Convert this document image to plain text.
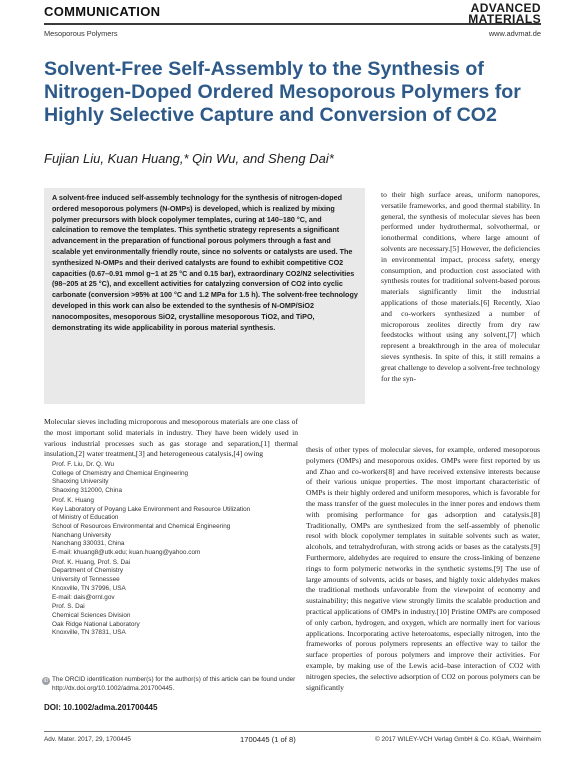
COMMUNICATION
Mesoporous Polymers
ADVANCED
MATERIALS
www.advmat.de
Solvent-Free Self-Assembly to the Synthesis of Nitrogen-Doped Ordered Mesoporous Polymers for Highly Selective Capture and Conversion of CO2
Fujian Liu, Kuan Huang,* Qin Wu, and Sheng Dai*
A solvent-free induced self-assembly technology for the synthesis of nitrogen-doped ordered mesoporous polymers (N-OMPs) is developed, which is realized by mixing polymer precursors with block copolymer templates, curing at 140–180 °C, and calcination to remove the templates. This synthetic strategy represents a significant advancement in the preparation of functional porous polymers through a fast and scalable yet environmentally friendly route, since no solvents or catalysts are used. The synthesized N-OMPs and their derived catalysts are found to exhibit competitive CO2 capacities (0.67–0.91 mmol g−1 at 25 °C and 0.15 bar), extraordinary CO2/N2 selectivities (98–205 at 25 °C), and excellent activities for catalyzing conversion of CO2 into cyclic carbonate (conversion >95% at 100 °C and 1.2 MPa for 1.5 h). The solvent-free technology developed in this work can also be extended to the synthesis of N-OMP/SiO2 nanocomposites, mesoporous SiO2, crystalline mesoporous TiO2, and TiPO, demonstrating its wide applicability in porous material synthesis.
to their high surface areas, uniform nanopores, versatile frameworks, and good thermal stability. In general, the synthesis of molecular sieves has been performed under hydrothermal, solvothermal, or ionothermal conditions, where large amount of solvents are necessary.[5] However, the deficiencies in environmental impact, process safety, energy consumption, and production cost associated with synthesis routes for traditional solvent-based porous materials significantly limit the industrial applications of those materials.[6] Recently, Xiao and co-workers synthesized a number of microporous zeolites directly from dry raw feedstocks without using any solvent,[7] which represent a breakthrough in the area of molecular sieves synthesis. In spite of this, it still remains a great challenge to develop a solvent-free technology for the syn-
thesis of other types of molecular sieves, for example, ordered mesoporous polymers (OMPs) and mesoporous oxides. OMPs were first reported by us and Zhao and co-workers[8] and have received extensive interests because of their various unique properties. The most important characteristic of OMPs is their highly ordered and uniform mesopores, which is favorable for the mass transfer of the guest molecules in the inner pores and endows them with promising performance for gas adsorption and catalysis.[8] Traditionally, OMPs are synthesized from the self-assembly of phenolic resol with block copolymer templates in suitable solvents such as water, alcohols, and tetrahydrofuran, with strong acids or bases as the catalysts.[9] Furthermore, aldehydes are required to ensure the cross-linking of benzene rings to form polymeric networks in the synthetic systems.[9] The use of large amounts of solvents, acids or bases, and highly toxic aldehydes makes the traditional methods unfavorable from the viewpoint of economy and sustainability; this negative view strongly limits the scalable production and practical applications of OMPs in industry.[10] Pristine OMPs are composed of only carbon, hydrogen, and oxygen, which are normally inert for various applications. Incorporating active heteroatoms, especially nitrogen, into the frameworks of porous polymers represents an effective way to tailor the surface properties of porous polymers and improve their activities. For example, by making use of the Lewis acid–base interaction of CO2 with nitrogen species, the selective adsorption of CO2 on porous polymers can be significantly
Molecular sieves including microporous and mesoporous materials are one class of the most important solid materials in industry. They have been widely used in various industrial processes such as gas storage and separation,[1] thermal insulation,[2] water treatment,[3] and heterogeneous catalysis,[4] owing
Prof. F. Liu, Dr. Q. Wu
College of Chemistry and Chemical Engineering
Shaoxing University
Shaoxing 312000, China
Prof. K. Huang
Key Laboratory of Poyang Lake Environment and Resource Utilization
of Ministry of Education
School of Resources Environmental and Chemical Engineering
Nanchang University
Nanchang 330031, China
E-mail: khuang8@utk.edu; kuan.huang@yahoo.com
Prof. K. Huang, Prof. S. Dai
Department of Chemistry
University of Tennessee
Knoxville, TN 37996, USA
E-mail: dais@ornl.gov
Prof. S. Dai
Chemical Sciences Division
Oak Ridge National Laboratory
Knoxville, TN 37831, USA
iD The ORCID identification number(s) for the author(s) of this article can be found under http://dx.doi.org/10.1002/adma.201700445.
DOI: 10.1002/adma.201700445
Adv. Mater. 2017, 29, 1700445	1700445 (1 of 8)	© 2017 WILEY-VCH Verlag GmbH & Co. KGaA, Weinheim
